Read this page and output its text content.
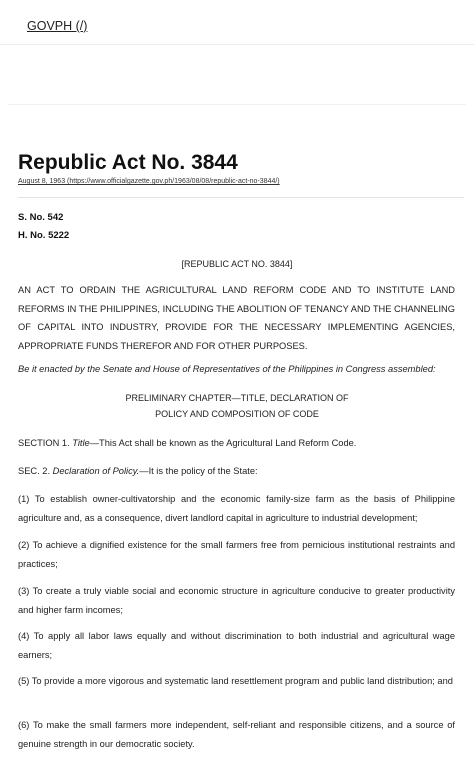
GOVPH (/)
Republic Act No. 3844
August 8, 1963 (https://www.officialgazette.gov.ph/1963/08/08/republic-act-no-3844/)
S. No. 542
H. No. 5222
[REPUBLIC ACT NO. 3844]

AN ACT TO ORDAIN THE AGRICULTURAL LAND REFORM CODE AND TO INSTITUTE LAND REFORMS IN THE PHILIPPINES, INCLUDING THE ABOLITION OF TENANCY AND THE CHANNELING OF CAPITAL INTO INDUSTRY, PROVIDE FOR THE NECESSARY IMPLEMENTING AGENCIES, APPROPRIATE FUNDS THEREFOR AND FOR OTHER PURPOSES.

Be it enacted by the Senate and House of Representatives of the Philippines in Congress assembled:

PRELIMINARY CHAPTER—TITLE, DECLARATION OF
POLICY AND COMPOSITION OF CODE

SECTION 1. Title—This Act shall be known as the Agricultural Land Reform Code.

SEC. 2. Declaration of Policy.—It is the policy of the State:

(1) To establish owner-cultivatorship and the economic family-size farm as the basis of Philippine agriculture and, as a consequence, divert landlord capital in agriculture to industrial development;

(2) To achieve a dignified existence for the small farmers free from pernicious institutional restraints and practices;

(3) To create a truly viable social and economic structure in agriculture conducive to greater productivity and higher farm incomes;

(4) To apply all labor laws equally and without discrimination to both industrial and agricultural wage earners;

(5) To provide a more vigorous and systematic land resettlement program and public land distribution; and

(6) To make the small farmers more independent, self-reliant and responsible citizens, and a source of genuine strength in our democratic society.
